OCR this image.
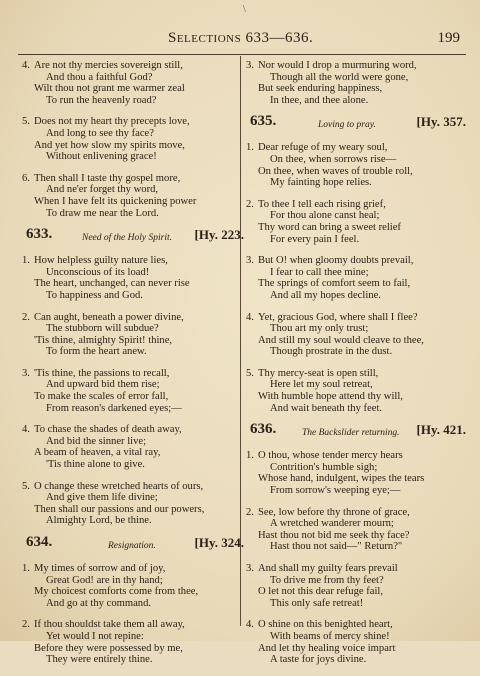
\
Selections 633—636.	199
4. Are not thy mercies sovereign still,
And thou a faithful God?
Wilt thou not grant me warmer zeal
To run the heavenly road?
5. Does not my heart thy precepts love,
And long to see thy face?
And yet how slow my spirits move,
Without enlivening grace!
6. Then shall I taste thy gospel more,
And ne'er forget thy word,
When I have felt its quickening power
To draw me near the Lord.
633.	Need of the Holy Spirit. [Hy. 223.
1. How helpless guilty nature lies,
Unconscious of its load!
The heart, unchanged, can never rise
To happiness and God.
2. Can aught, beneath a power divine,
The stubborn will subdue?
'Tis thine, almighty Spirit! thine,
To form the heart anew.
3. 'Tis thine, the passions to recall,
And upward bid them rise;
To make the scales of error fall,
From reason's darkened eyes;—
4. To chase the shades of death away,
And bid the sinner live;
A beam of heaven, a vital ray,
'Tis thine alone to give.
5. O change these wretched hearts of ours,
And give them life divine;
Then shall our passions and our powers,
Almighty Lord, be thine.
634.	Resignation.	[Hy. 324.
1. My times of sorrow and of joy,
Great God! are in thy hand;
My choicest comforts come from thee,
And go at thy command.
2. If thou shouldst take them all away,
Yet would I not repine:
Before they were possessed by me,
They were entirely thine.
3. Nor would I drop a murmuring word,
Though all the world were gone,
But seek enduring happiness,
In thee, and thee alone.
635.	Loving to pray.	[Hy. 357.
1. Dear refuge of my weary soul,
On thee, when sorrows rise—
On thee, when waves of trouble roll,
My fainting hope relies.
2. To thee I tell each rising grief,
For thou alone canst heal;
Thy word can bring a sweet relief
For every pain I feel.
3. But O! when gloomy doubts prevail,
I fear to call thee mine;
The springs of comfort seem to fail,
And all my hopes decline.
4. Yet, gracious God, where shall I flee?
Thou art my only trust;
And still my soul would cleave to thee,
Though prostrate in the dust.
5. Thy mercy-seat is open still,
Here let my soul retreat,
With humble hope attend thy will,
And wait beneath thy feet.
636.	The Backslider returning. [Hy. 421.
1. O thou, whose tender mercy hears
Contrition's humble sigh;
Whose hand, indulgent, wipes the tears
From sorrow's weeping eye;—
2. See, low before thy throne of grace,
A wretched wanderer mourn;
Hast thou not bid me seek thy face?
Hast thou not said—" Return?"
3. And shall my guilty fears prevail
To drive me from thy feet?
O let not this dear refuge fail,
This only safe retreat!
4. O shine on this benighted heart,
With beams of mercy shine!
And let thy healing voice impart
A taste for joys divine.
